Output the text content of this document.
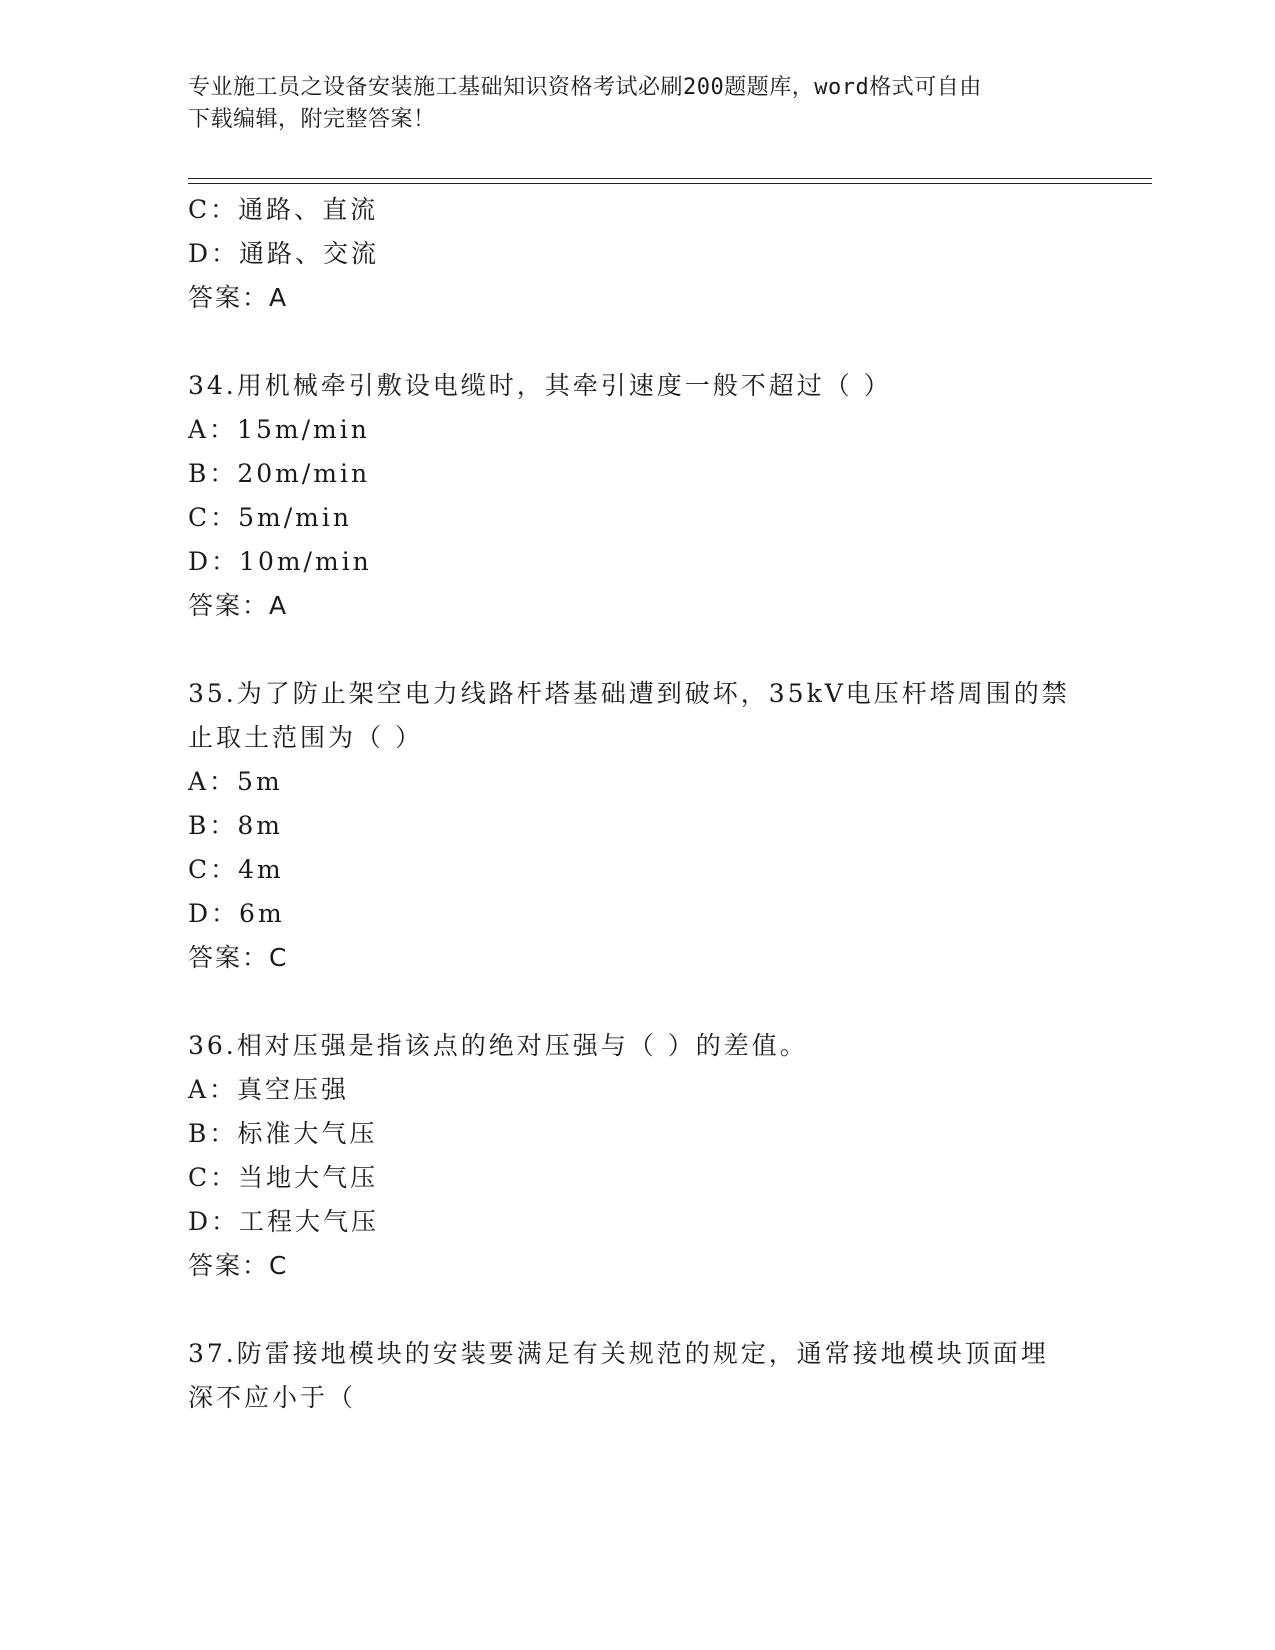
专业施工员之设备安装施工基础知识资格考试必刷200题题库，word格式可自由
下载编辑，附完整答案！
C：通路、直流
D：通路、交流
答案：A
34.用机械牵引敷设电缆时，其牵引速度一般不超过（ ）
A：15m/min
B：20m/min
C：5m/min
D：10m/min
答案：A
35.为了防止架空电力线路杆塔基础遭到破坏，35kV电压杆塔周围的禁
止取土范围为（ ）
A：5m
B：8m
C：4m
D：6m
答案：C
36.相对压强是指该点的绝对压强与（ ）的差值。
A：真空压强
B：标准大气压
C：当地大气压
D：工程大气压
答案：C
37.防雷接地模块的安装要满足有关规范的规定，通常接地模块顶面埋
深不应小于（
